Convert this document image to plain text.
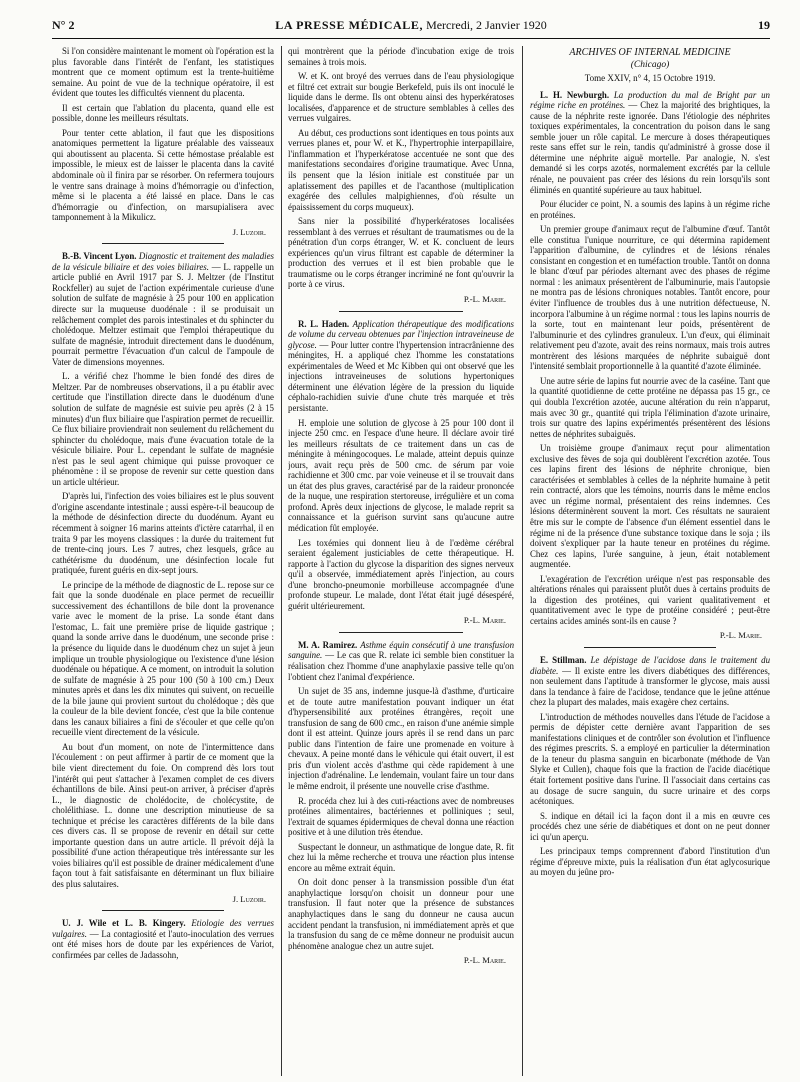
N° 2	LA PRESSE MÉDICALE, Mercredi, 2 Janvier 1920	19

Si l'on considère maintenant le moment où l'opération est la plus favorable dans l'intérêt de l'enfant, les statistiques montrent que ce moment optimum est la trente-huitième semaine. Au point de vue de la technique opératoire, il est évident que toutes les difficultés viennent du placenta.

Il est certain que l'ablation du placenta, quand elle est possible, donne les meilleurs résultats.

Pour tenter cette ablation, il faut que les dispositions anatomiques permettent la ligature préalable des vaisseaux qui aboutissent au placenta. Si cette hémostase préalable est impossible, le mieux est de laisser le placenta dans la cavité abdominale où il finira par se résorber. On refermera toujours le ventre sans drainage à moins d'hémorragie ou d'infection, même si le placenta a été laissé en place. Dans le cas d'hémorragie ou d'infection, on marsupialisera avec tamponnement à la Mikulicz.

J. Luzoir.

B.-B. Vincent Lyon. Diagnostic et traitement des maladies de la vésicule biliaire et des voies biliaires. — L. rappelle un article publié en Avril 1917 par S. J. Meltzer (de l'Institut Rockfeller) au sujet de l'action expérimentale curieuse d'une solution de sulfate de magnésie à 25 pour 100 en application directe sur la muqueuse duodénale : il se produisait un relâchement complet des parois intestinales et du sphincter du cholédoque. Meltzer estimait que l'emploi thérapeutique du sulfate de magnésie, introduit directement dans le duodénum, pourrait permettre l'évacuation d'un calcul de l'ampoule de Vater de dimensions moyennes.

L. a vérifié chez l'homme le bien fondé des dires de Meltzer. Par de nombreuses observations, il a pu établir avec certitude que l'instillation directe dans le duodénum d'une solution de sulfate de magnésie est suivie peu après (2 à 15 minutes) d'un flux biliaire que l'aspiration permet de recueillir. Ce flux biliaire proviendrait non seulement du relâchement du sphincter du cholédoque, mais d'une évacuation totale de la vésicule biliaire. Pour L. cependant le sulfate de magnésie n'est pas le seul agent chimique qui puisse provoquer ce phénomène : il se propose de revenir sur cette question dans un article ultérieur.

D'après lui, l'infection des voies biliaires est le plus souvent d'origine ascendante intestinale ; aussi espère-t-il beaucoup de la méthode de désinfection directe du duodénum. Ayant eu récemment à soigner 16 marins atteints d'ictère catarrhal, il en traita 9 par les moyens classiques : la durée du traitement fut de trente-cinq jours. Les 7 autres, chez lesquels, grâce au cathétérisme du duodénum, une désinfection locale fut pratiquée, furent guéris en dix-sept jours.

Le principe de la méthode de diagnostic de L. repose sur ce fait que la sonde duodénale en place permet de recueillir successivement des échantillons de bile dont la provenance varie avec le moment de la prise. La sonde étant dans l'estomac, L. fait une première prise de liquide gastrique ; quand la sonde arrive dans le duodénum, une seconde prise : la présence du liquide dans le duodénum chez un sujet à jeun implique un trouble physiologique ou l'existence d'une lésion duodénale ou hépatique. A ce moment, on introduit la solution de sulfate de magnésie à 25 pour 100 (50 à 100 cm.) Deux minutes après et dans les dix minutes qui suivent, on recueille de la bile jaune qui provient surtout du cholédoque ; dès que la couleur de la bile devient foncée, c'est que la bile contenue dans les canaux biliaires a fini de s'écouler et que celle qu'on recueille vient directement de la vésicule.

Au bout d'un moment, on note de l'intermittence dans l'écoulement : on peut affirmer à partir de ce moment que la bile vient directement du foie. On comprend dès lors tout l'intérêt qui peut s'attacher à l'examen complet de ces divers échantillons de bile. Ainsi peut-on arriver, à préciser d'après L., le diagnostic de cholédocite, de cholécystite, de cholélithiase. L. donne une description minutieuse de sa technique et précise les caractères différents de la bile dans ces divers cas. Il se propose de revenir en détail sur cette importante question dans un autre article. Il prévoit déjà la possibilité d'une action thérapeutique très intéressante sur les voies biliaires qu'il est possible de drainer médicalement d'une façon tout à fait satisfaisante en déterminant un flux biliaire des plus salutaires.

J. Luzoir.

U. J. Wile et L. B. Kingery. Etiologie des verrues vulgaires. — La contagiosité et l'auto-inoculation des verrues ont été mises hors de doute par les expériences de Variot, confirmées par celles de Jadassohn,

qui montrèrent que la période d'incubation exige de trois semaines à trois mois.

W. et K. ont broyé des verrues dans de l'eau physiologique et filtré cet extrait sur bougie Berkefeld, puis ils ont inoculé le liquide dans le derme. Ils ont obtenu ainsi des hyperkératoses localisées, d'apparence et de structure semblables à celles des verrues vulgaires.

Au début, ces productions sont identiques en tous points aux verrues planes et, pour W. et K., l'hypertrophie interpapillaire, l'inflammation et l'hyperkératose accentuée ne sont que des manifestations secondaires d'origine traumatique. Avec Unna, ils pensent que la lésion initiale est constituée par un aplatissement des papilles et de l'acanthose (multiplication exagérée des cellules malpighiennes, d'où résulte un épaississement du corps muqueux).

Sans nier la possibilité d'hyperkératoses localisées ressemblant à des verrues et résultant de traumatismes ou de la pénétration d'un corps étranger, W. et K. concluent de leurs expériences qu'un virus filtrant est capable de déterminer la production des verrues et il est bien probable que le traumatisme ou le corps étranger incriminé ne font qu'ouvrir la porte à ce virus.

P.-L. Marie.

R. L. Haden. Application thérapeutique des modifications de volume du cerveau obtenues par l'injection intraveineuse de glycose. — Pour lutter contre l'hypertension intracrânienne des méningites, H. a appliqué chez l'homme les constatations expérimentales de Weed et Mc Kibben qui ont observé que les injections intraveineuses de solutions hypertoniques déterminent une élévation légère de la pression du liquide céphalo-rachidien suivie d'une chute très marquée et très persistante.

H. emploie une solution de glycose à 25 pour 100 dont il injecte 250 cmc. en l'espace d'une heure. Il déclare avoir tiré les meilleurs résultats de ce traitement dans un cas de méningite à méningocoques. Le malade, atteint depuis quinze jours, avait reçu près de 500 cmc. de sérum par voie rachidienne et 300 cmc. par voie veineuse et il se trouvait dans un état des plus graves, caractérisé par de la raideur prononcée de la nuque, une respiration stertoreuse, irrégulière et un coma profond. Après deux injections de glycose, le malade reprit sa connaissance et la guérison survint sans qu'aucune autre médication fût employée.

Les toxémies qui donnent lieu à de l'œdème cérébral seraient également justiciables de cette thérapeutique. H. rapporte à l'action du glycose la disparition des signes nerveux qu'il a observée, immédiatement après l'injection, au cours d'une broncho-pneumonie morbilleuse accompagnée d'une profonde stupeur. Le malade, dont l'état était jugé désespéré, guérit ultérieurement.

P.-L. Marie.

M. A. Ramirez. Asthme équin consécutif à une transfusion sanguine. — Le cas que R. relate ici semble bien constituer la réalisation chez l'homme d'une anaphylaxie passive telle qu'on l'obtient chez l'animal d'expérience.

Un sujet de 35 ans, indemne jusque-là d'asthme, d'urticaire et de toute autre manifestation pouvant indiquer un état d'hypersensibilité aux protéines étrangères, reçoit une transfusion de sang de 600 cmc., en raison d'une anémie simple dont il est atteint. Quinze jours après il se rend dans un parc public dans l'intention de faire une promenade en voiture à chevaux. A peine monté dans le véhicule qui était ouvert, il est pris d'un violent accès d'asthme qui cède rapidement à une injection d'adrénaline. Le lendemain, voulant faire un tour dans le même endroit, il présente une nouvelle crise d'asthme.

R. procéda chez lui à des cuti-réactions avec de nombreuses protéines alimentaires, bactériennes et polliniques ; seul, l'extrait de squames épidermiques de cheval donna une réaction positive et à une dilution très étendue.

Suspectant le donneur, un asthmatique de longue date, R. fit chez lui la même recherche et trouva une réaction plus intense encore au même extrait équin.

On doit donc penser à la transmission possible d'un état anaphylactique lorsqu'on choisit un donneur pour une transfusion. Il faut noter que la présence de substances anaphylactiques dans le sang du donneur ne causa aucun accident pendant la transfusion, ni immédiatement après et que la transfusion du sang de ce même donneur ne produisit aucun phénomène analogue chez un autre sujet.

P.-L. Marie.
ARCHIVES OF INTERNAL MEDICINE
(Chicago)
Tome XXIV, n° 4, 15 Octobre 1919.

L. H. Newburgh. La production du mal de Bright par un régime riche en protéines. — Chez la majorité des brightiques, la cause de la néphrite reste ignorée. Dans l'étiologie des néphrites toxiques expérimentales, la concentration du poison dans le sang semble jouer un rôle capital. Le mercure à doses thérapeutiques reste sans effet sur le rein, tandis qu'administré à grosse dose il détermine une néphrite aiguë mortelle. Par analogie, N. s'est demandé si les corps azotés, normalement excrétés par la cellule rénale, ne pouvaient pas créer des lésions du rein lorsqu'ils sont éliminés en quantité supérieure au taux habituel.

Pour élucider ce point, N. a soumis des lapins à un régime riche en protéines.

Un premier groupe d'animaux reçut de l'albumine d'œuf. Tantôt elle constitua l'unique nourriture, ce qui détermina rapidement l'apparition d'albumine, de cylindres et de lésions rénales consistant en congestion et en tuméfaction trouble. Tantôt on donna le blanc d'œuf par périodes alternant avec des phases de régime normal : les animaux présentèrent de l'albuminurie, mais l'autopsie ne montra pas de lésions chroniques notables. Tantôt encore, pour éviter l'influence de troubles dus à une nutrition défectueuse, N. incorpora l'albumine à un régime normal : tous les lapins nourris de la sorte, tout en maintenant leur poids, présentèrent de l'albuminurie et des cylindres granuleux. L'un d'eux, qui éliminait relativement peu d'azote, avait des reins normaux, mais trois autres montrèrent des lésions marquées de néphrite subaiguë dont l'intensité semblait proportionnelle à la quantité d'azote éliminée.

Une autre série de lapins fut nourrie avec de la caséine. Tant que la quantité quotidienne de cette protéine ne dépassa pas 15 gr., ce qui doubla l'excrétion azotée, aucune altération du rein n'apparut, mais avec 30 gr., quantité qui tripla l'élimination d'azote urinaire, trois sur quatre des lapins expérimentés présentèrent des lésions nettes de néphrites subaiguës.

Un troisième groupe d'animaux reçut pour alimentation exclusive des fèves de soja qui doublèrent l'excrétion azotée. Tous ces lapins firent des lésions de néphrite chronique, bien caractérisées et semblables à celles de la néphrite humaine à petit rein contracté, alors que les témoins, nourris dans le même enclos avec un régime normal, présentaient des reins indemnes. Ces lésions déterminèrent souvent la mort. Ces résultats ne sauraient être mis sur le compte de l'absence d'un élément essentiel dans le régime ni de la présence d'une substance toxique dans le soja ; ils doivent s'expliquer par la haute teneur en protéines du régime. Chez ces lapins, l'urée sanguine, à jeun, était notablement augmentée.

L'exagération de l'excrétion uréique n'est pas responsable des altérations rénales qui paraissent plutôt dues à certains produits de la digestion des protéines, qui varient qualitativement et quantitativement avec le type de protéine considéré ; peut-être certains acides aminés sont-ils en cause ?

P.-L. Marie.

E. Stillman. Le dépistage de l'acidose dans le traitement du diabète. — Il existe entre les divers diabétiques des différences, non seulement dans l'aptitude à transformer le glycose, mais aussi dans la tendance à faire de l'acidose, tendance que le jeûne atténue chez la plupart des malades, mais exagère chez certains.

L'introduction de méthodes nouvelles dans l'étude de l'acidose a permis de dépister cette dernière avant l'apparition de ses manifestations cliniques et de contrôler son évolution et l'influence des régimes prescrits. S. a employé en particulier la détermination de la teneur du plasma sanguin en bicarbonate (méthode de Van Slyke et Cullen), chaque fois que la fraction de l'acide diacétique était fortement positive dans l'urine. Il l'associait dans certains cas au dosage de sucre sanguin, du sucre urinaire et des corps acétoniques.

S. indique en détail ici la façon dont il a mis en œuvre ces procédés chez une série de diabétiques et dont on ne peut donner ici qu'un aperçu.

Les principaux temps comprennent d'abord l'institution d'un régime d'épreuve mixte, puis la réalisation d'un état aglycosurique au moyen du jeûne pro-
